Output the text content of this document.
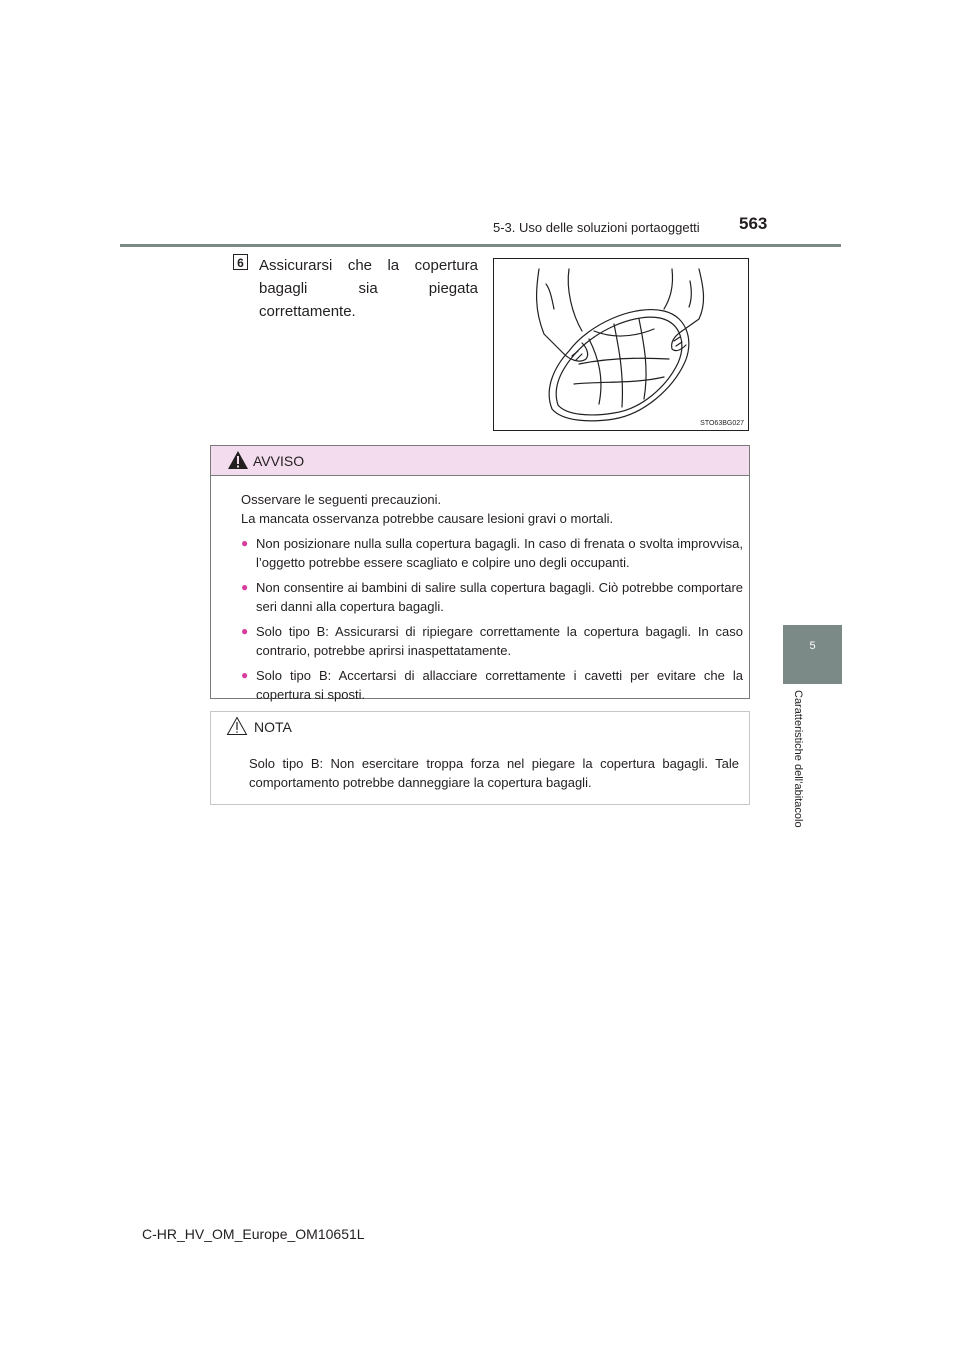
5-3. Uso delle soluzioni portaoggetti 563
6 Assicurarsi che la copertura
bagagli sia piegata
correttamente.
STO63BG027
AVVISO

Osservare le seguenti precauzioni.

La mancata osservanza potrebbe causare lesioni gravi o mortali.

● Non posizionare nulla sulla copertura bagagli. In caso di frenata o svolta improvvisa, l’oggetto potrebbe essere scagliato e colpire uno degli occupanti.
● Non consentire ai bambini di salire sulla copertura bagagli. Ciò potrebbe comportare seri danni alla copertura bagagli.
● Solo tipo B: Assicurarsi di ripiegare correttamente la copertura bagagli. In caso contrario, potrebbe aprirsi inaspettatamente.
● Solo tipo B: Accertarsi di allacciare correttamente i cavetti per evitare che la copertura si sposti.
NOTA
Solo tipo B: Non esercitare troppa forza nel piegare la copertura bagagli. Tale comportamento potrebbe danneggiare la copertura bagagli.
5
Caratteristiche dell’abitacolo
C-HR_HV_OM_Europe_OM10651L
